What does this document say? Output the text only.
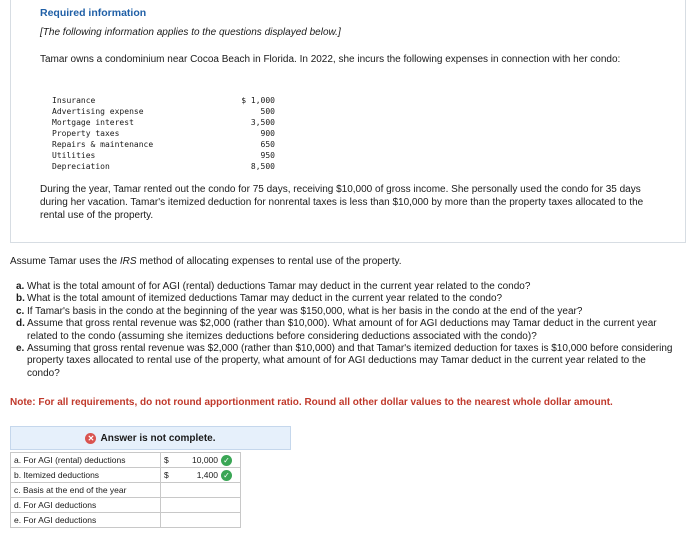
Required information
[The following information applies to the questions displayed below.]
Tamar owns a condominium near Cocoa Beach in Florida. In 2022, she incurs the following expenses in connection with her condo:
Insurance	$ 1,000
Advertising expense	500
Mortgage interest	3,500
Property taxes	900
Repairs & maintenance	650
Utilities	950
Depreciation	8,500
During the year, Tamar rented out the condo for 75 days, receiving $10,000 of gross income. She personally used the condo for 35 days during her vacation. Tamar's itemized deduction for nonrental taxes is less than $10,000 by more than the property taxes allocated to the rental use of the property.
Assume Tamar uses the IRS method of allocating expenses to rental use of the property.
a. What is the total amount of for AGI (rental) deductions Tamar may deduct in the current year related to the condo?
b. What is the total amount of itemized deductions Tamar may deduct in the current year related to the condo?
c. If Tamar's basis in the condo at the beginning of the year was $150,000, what is her basis in the condo at the end of the year?
d. Assume that gross rental revenue was $2,000 (rather than $10,000). What amount of for AGI deductions may Tamar deduct in the current year related to the condo (assuming she itemizes deductions before considering deductions associated with the condo)?
e. Assuming that gross rental revenue was $2,000 (rather than $10,000) and that Tamar's itemized deduction for taxes is $10,000 before considering property taxes allocated to rental use of the property, what amount of for AGI deductions may Tamar deduct in the current year related to the condo?
Note: For all requirements, do not round apportionment ratio. Round all other dollar values to the nearest whole dollar amount.
✕ Answer is not complete.
a. For AGI (rental) deductions	$ 10,000 ✓

b. Itemized deductions	$ 1,400 ✓

c. Basis at the end of the year	
d. For AGI deductions	
e. For AGI deductions	
